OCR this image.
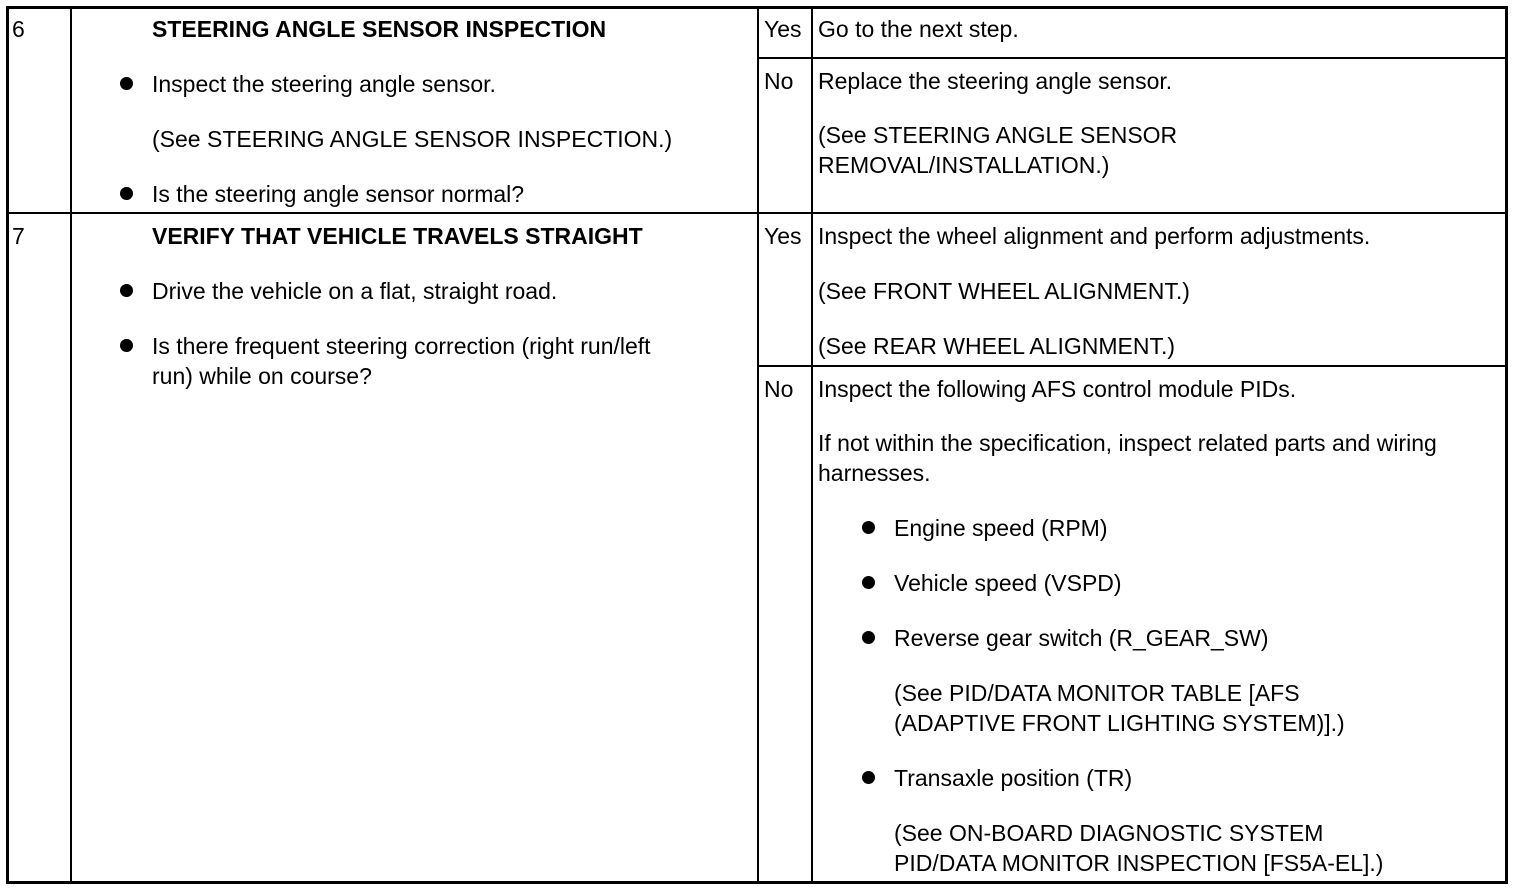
6	STEERING ANGLE SENSOR INSPECTION
Inspect the steering angle sensor.
(See STEERING ANGLE SENSOR INSPECTION.)
Is the steering angle sensor normal?
Yes Go to the next step.
No Replace the steering angle sensor.
(See STEERING ANGLE SENSOR
REMOVAL/INSTALLATION.)
7	VERIFY THAT VEHICLE TRAVELS STRAIGHT
Drive the vehicle on a flat, straight road.
Is there frequent steering correction (right run/left
run) while on course?
Yes Inspect the wheel alignment and perform adjustments.
(See FRONT WHEEL ALIGNMENT.)
(See REAR WHEEL ALIGNMENT.)
No Inspect the following AFS control module PIDs.
If not within the specification, inspect related parts and wiring
harnesses.
Engine speed (RPM)
Vehicle speed (VSPD)
Reverse gear switch (R_GEAR_SW)
(See PID/DATA MONITOR TABLE [AFS
(ADAPTIVE FRONT LIGHTING SYSTEM)].)
Transaxle position (TR)
(See ON-BOARD DIAGNOSTIC SYSTEM
PID/DATA MONITOR INSPECTION [FS5A-EL].)
